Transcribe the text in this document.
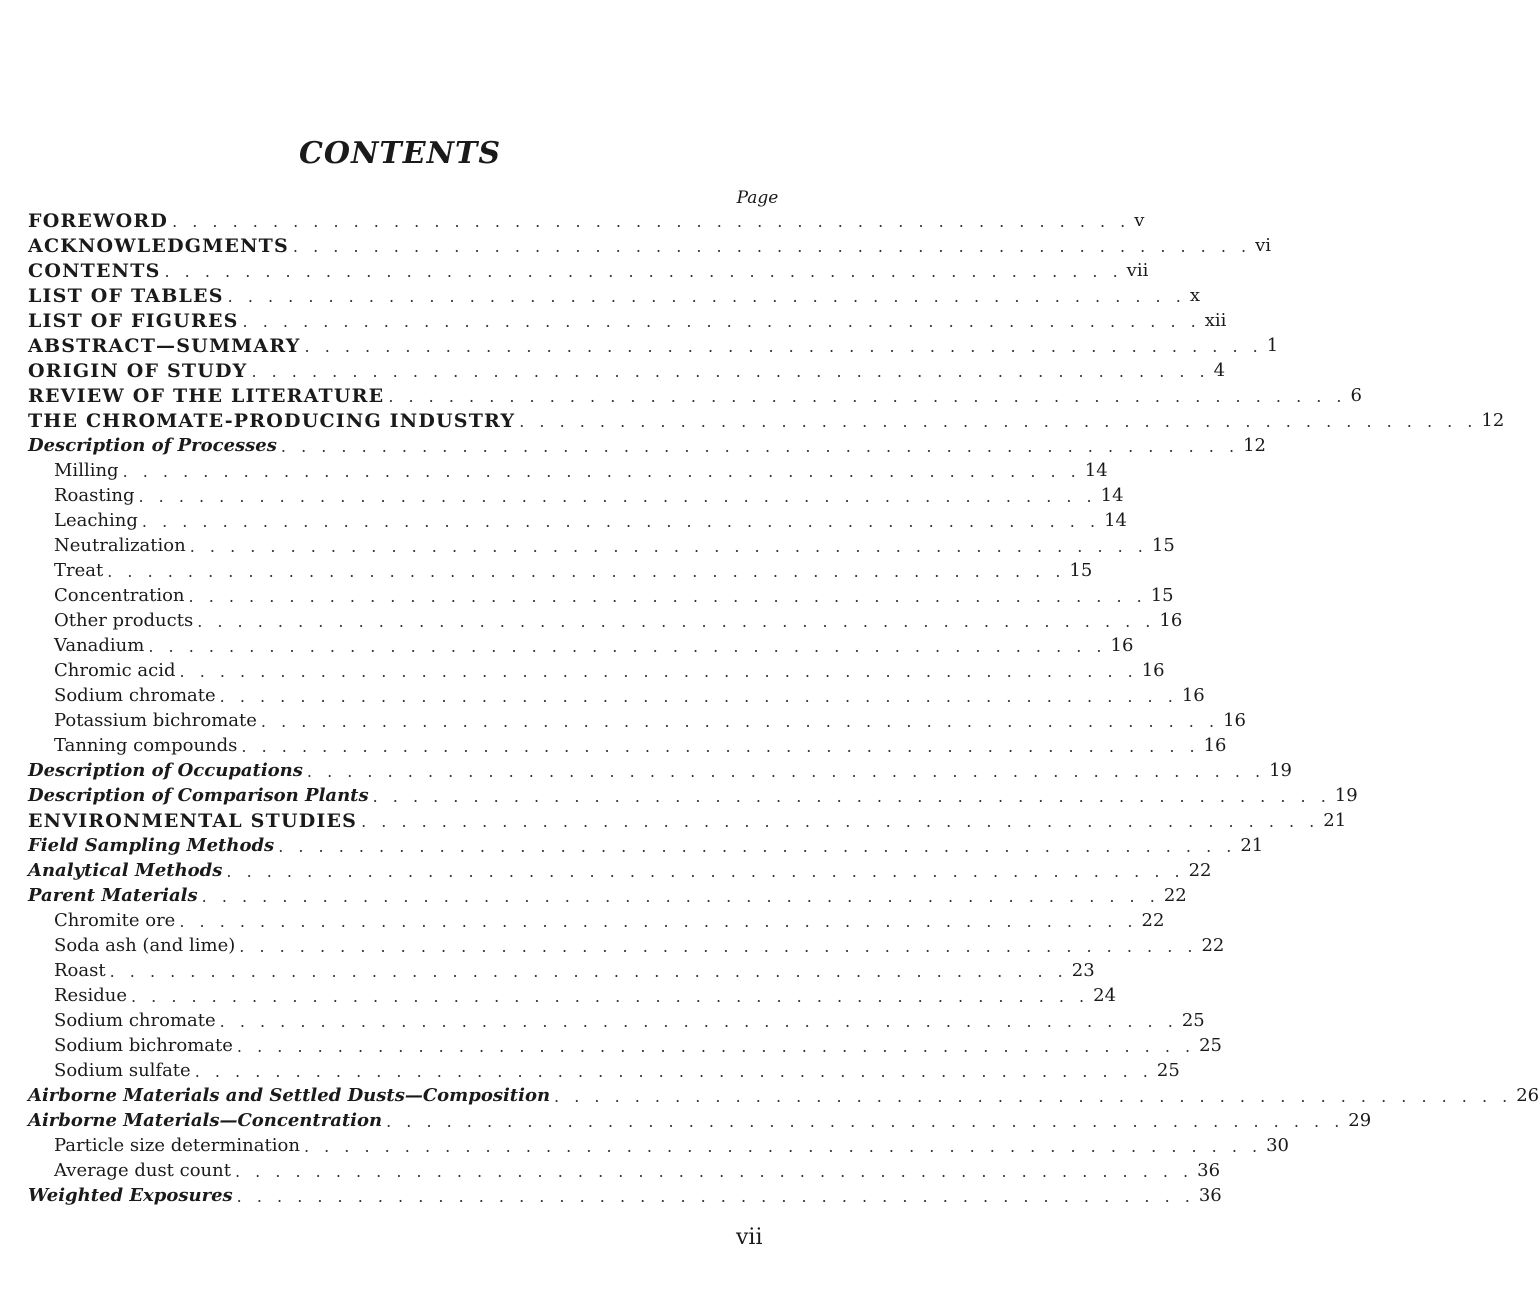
CONTENTS
Page
FOREWORD . . . . . . . . . . . . . . . . . . . . . . . . . . . . . . . . . . . . . . . . . . . . . . . . v
ACKNOWLEDGMENTS . . . . . . . . . . . . . . . . . . . . . . . . . . . . . . . . . . . . . . . . . . . . . . . . vi
CONTENTS . . . . . . . . . . . . . . . . . . . . . . . . . . . . . . . . . . . . . . . . . . . . . . . . vii
LIST OF TABLES . . . . . . . . . . . . . . . . . . . . . . . . . . . . . . . . . . . . . . . . . . . . . . . . x
LIST OF FIGURES . . . . . . . . . . . . . . . . . . . . . . . . . . . . . . . . . . . . . . . . . . . . . . . . xii
ABSTRACT—SUMMARY . . . . . . . . . . . . . . . . . . . . . . . . . . . . . . . . . . . . . . . . . . . . . . . . 1
ORIGIN OF STUDY . . . . . . . . . . . . . . . . . . . . . . . . . . . . . . . . . . . . . . . . . . . . . . . . 4
REVIEW OF THE LITERATURE . . . . . . . . . . . . . . . . . . . . . . . . . . . . . . . . . . . . . . . . . . . . . . . . 6
THE CHROMATE-PRODUCING INDUSTRY . . . . . . . . . . . . . . . . . . . . . . . . . . . . . . . . . . . . . . . . . . . . . . . . 12
Description of Processes . . . . . . . . . . . . . . . . . . . . . . . . . . . . . . . . . . . . . . . . . . . . . . . . 12
Milling . . . . . . . . . . . . . . . . . . . . . . . . . . . . . . . . . . . . . . . . . . . . . . . . 14
Roasting . . . . . . . . . . . . . . . . . . . . . . . . . . . . . . . . . . . . . . . . . . . . . . . . 14
Leaching . . . . . . . . . . . . . . . . . . . . . . . . . . . . . . . . . . . . . . . . . . . . . . . . 14
Neutralization . . . . . . . . . . . . . . . . . . . . . . . . . . . . . . . . . . . . . . . . . . . . . . . . 15
Treat . . . . . . . . . . . . . . . . . . . . . . . . . . . . . . . . . . . . . . . . . . . . . . . . 15
Concentration . . . . . . . . . . . . . . . . . . . . . . . . . . . . . . . . . . . . . . . . . . . . . . . . 15
Other products . . . . . . . . . . . . . . . . . . . . . . . . . . . . . . . . . . . . . . . . . . . . . . . . 16
Vanadium . . . . . . . . . . . . . . . . . . . . . . . . . . . . . . . . . . . . . . . . . . . . . . . . 16
Chromic acid . . . . . . . . . . . . . . . . . . . . . . . . . . . . . . . . . . . . . . . . . . . . . . . . 16
Sodium chromate . . . . . . . . . . . . . . . . . . . . . . . . . . . . . . . . . . . . . . . . . . . . . . . . 16
Potassium bichromate . . . . . . . . . . . . . . . . . . . . . . . . . . . . . . . . . . . . . . . . . . . . . . . . 16
Tanning compounds . . . . . . . . . . . . . . . . . . . . . . . . . . . . . . . . . . . . . . . . . . . . . . . . 16
Description of Occupations . . . . . . . . . . . . . . . . . . . . . . . . . . . . . . . . . . . . . . . . . . . . . . . . 19
Description of Comparison Plants . . . . . . . . . . . . . . . . . . . . . . . . . . . . . . . . . . . . . . . . . . . . . . . . 19
ENVIRONMENTAL STUDIES . . . . . . . . . . . . . . . . . . . . . . . . . . . . . . . . . . . . . . . . . . . . . . . . 21
Field Sampling Methods . . . . . . . . . . . . . . . . . . . . . . . . . . . . . . . . . . . . . . . . . . . . . . . . 21
Analytical Methods . . . . . . . . . . . . . . . . . . . . . . . . . . . . . . . . . . . . . . . . . . . . . . . . 22
Parent Materials . . . . . . . . . . . . . . . . . . . . . . . . . . . . . . . . . . . . . . . . . . . . . . . . 22
Chromite ore . . . . . . . . . . . . . . . . . . . . . . . . . . . . . . . . . . . . . . . . . . . . . . . . 22
Soda ash (and lime) . . . . . . . . . . . . . . . . . . . . . . . . . . . . . . . . . . . . . . . . . . . . . . . . 22
Roast . . . . . . . . . . . . . . . . . . . . . . . . . . . . . . . . . . . . . . . . . . . . . . . . 23
Residue . . . . . . . . . . . . . . . . . . . . . . . . . . . . . . . . . . . . . . . . . . . . . . . . 24
Sodium chromate . . . . . . . . . . . . . . . . . . . . . . . . . . . . . . . . . . . . . . . . . . . . . . . . 25
Sodium bichromate . . . . . . . . . . . . . . . . . . . . . . . . . . . . . . . . . . . . . . . . . . . . . . . . 25
Sodium sulfate . . . . . . . . . . . . . . . . . . . . . . . . . . . . . . . . . . . . . . . . . . . . . . . . 25
Airborne Materials and Settled Dusts—Composition . . . . . . . . . . . . . . . . . . . . . . . . . . . . . . . . . . . . . . . . . . . . . . . . 26
Airborne Materials—Concentration . . . . . . . . . . . . . . . . . . . . . . . . . . . . . . . . . . . . . . . . . . . . . . . . 29
Particle size determination . . . . . . . . . . . . . . . . . . . . . . . . . . . . . . . . . . . . . . . . . . . . . . . . 30
Average dust count . . . . . . . . . . . . . . . . . . . . . . . . . . . . . . . . . . . . . . . . . . . . . . . . 36
Weighted Exposures . . . . . . . . . . . . . . . . . . . . . . . . . . . . . . . . . . . . . . . . . . . . . . . . 36
vii
